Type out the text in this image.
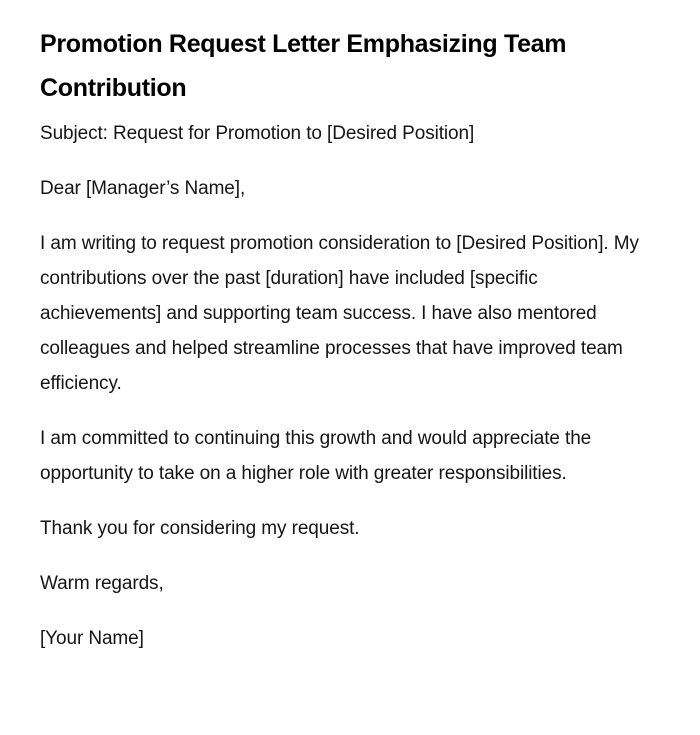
Promotion Request Letter Emphasizing Team Contribution

Subject: Request for Promotion to [Desired Position]

Dear [Manager’s Name],

I am writing to request promotion consideration to [Desired Position]. My contributions over the past [duration] have included [specific achievements] and supporting team success. I have also mentored colleagues and helped streamline processes that have improved team efficiency.

I am committed to continuing this growth and would appreciate the opportunity to take on a higher role with greater responsibilities.

Thank you for considering my request.

Warm regards,

[Your Name]
